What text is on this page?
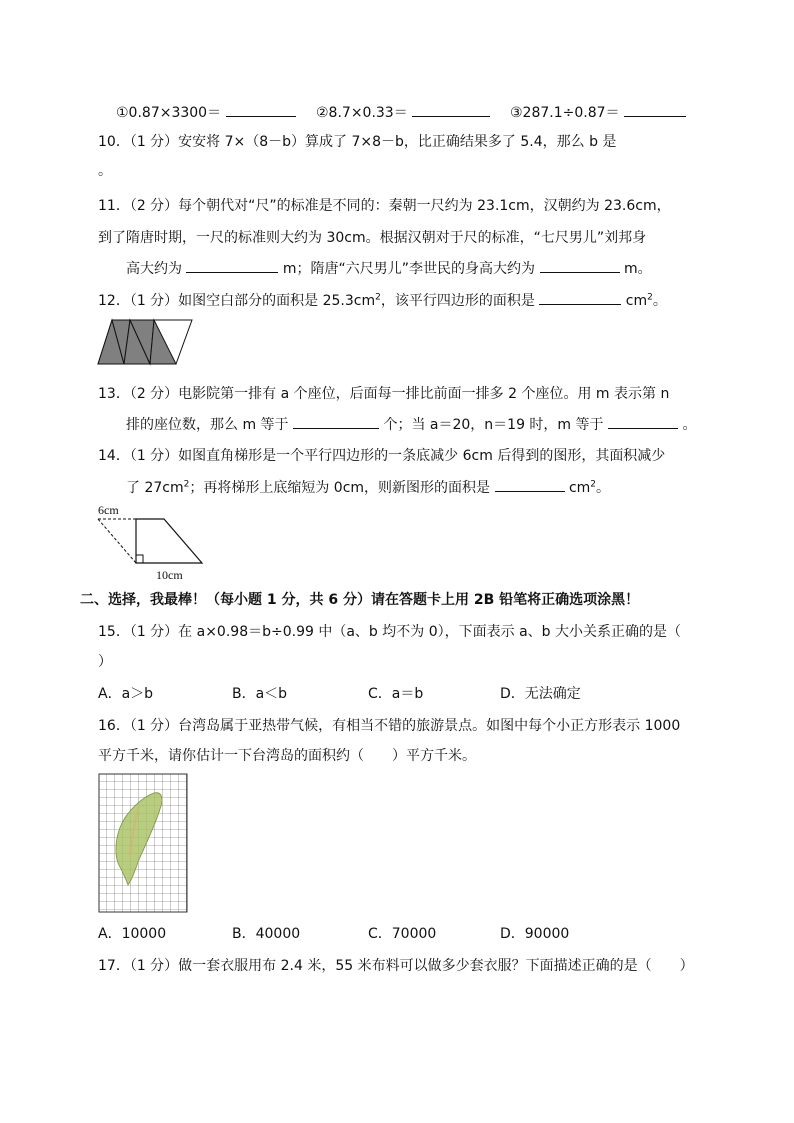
①0.87×3300＝	②8.7×0.33＝	③287.1÷0.87＝
10．（1 分）安安将 7×（8－b）算成了 7×8－b，比正确结果多了 5.4，那么 b 是
。
11．（2 分）每个朝代对“尺”的标准是不同的：秦朝一尺约为 23.1cm，汉朝约为 23.6cm，
到了隋唐时期，一尺的标准则大约为 30cm。根据汉朝对于尺的标准，“七尺男儿”刘邦身
高大约为	m；隋唐“六尺男儿”李世民的身高大约为	m。
12．（1 分）如图空白部分的面积是 $25.3cm^2$，该平行四边形的面积是	$cm^2$。
13．（2 分）电影院第一排有 a 个座位，后面每一排比前面一排多 2 个座位。用 m 表示第 n
排的座位数，那么 m 等于	个；当 a＝20，n＝19 时，m 等于	。
14．（1 分）如图直角梯形是一个平行四边形的一条底减少 6cm 后得到的图形，其面积减少
了 $27cm^2$；再将梯形上底缩短为 0cm，则新图形的面积是	$cm^2$。
6cm
10cm
二、选择，我最棒！（每小题 1 分，共 6 分）请在答题卡上用 2B 铅笔将正确选项涂黑！
15．（1 分）在 a×0.98＝b÷0.99 中（a、b 均不为 0），下面表示 a、b 大小关系正确的是（
）
A．a＞b	B．a＜b	C．a＝b	D．无法确定
16．（1 分）台湾岛属于亚热带气候，有相当不错的旅游景点。如图中每个小正方形表示 1000
平方千米，请你估计一下台湾岛的面积约（　　）平方千米。
A．10000	B．40000	C．70000	D．90000
17．（1 分）做一套衣服用布 2.4 米，55 米布料可以做多少套衣服？下面描述正确的是（　　）
